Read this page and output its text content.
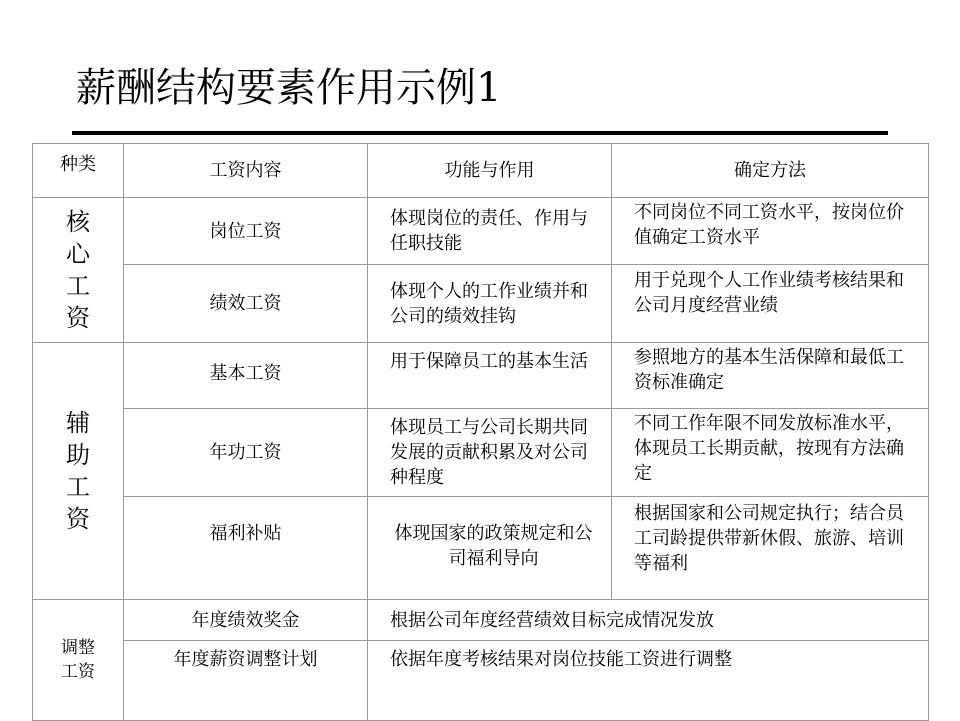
薪酬结构要素作用示例1
种类	工资内容	功能与作用	确定方法

核
心
工
资	岗位工资	体现岗位的责任、作用与任职技能	不同岗位不同工资水平，按岗位价值确定工资水平
	绩效工资	体现个人的工作业绩并和公司的绩效挂钩	用于兑现个人工作业绩考核结果和公司月度经营业绩

辅
助
工
资	基本工资	用于保障员工的基本生活	参照地方的基本生活保障和最低工资标准确定
	年功工资	体现员工与公司长期共同发展的贡献积累及对公司种程度	不同工作年限不同发放标准水平，体现员工长期贡献，按现有方法确定
	福利补贴	体现国家的政策规定和公司福利导向	根据国家和公司规定执行；结合员工司龄提供带新休假、旅游、培训等福利

调整
工资	年度绩效奖金	根据公司年度经营绩效目标完成情况发放	
	年度薪资调整计划	依据年度考核结果对岗位技能工资进行调整	
